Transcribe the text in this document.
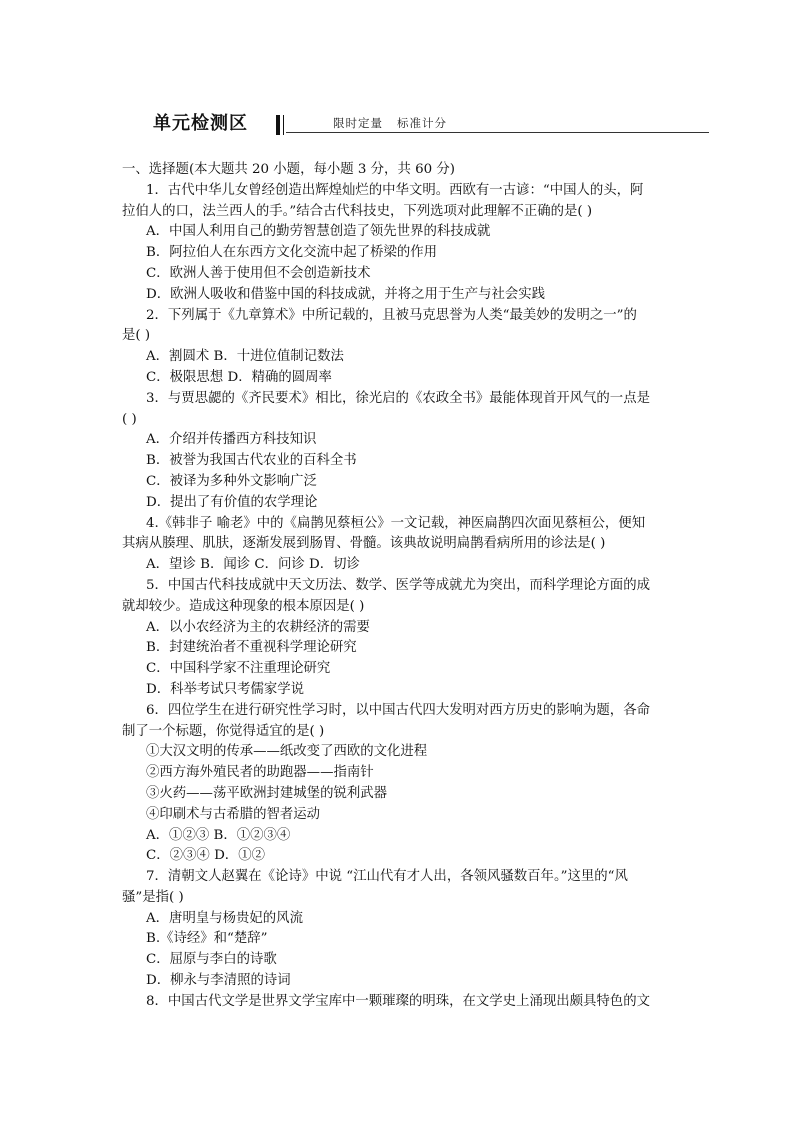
单元检测区	限时定量   标准计分
一、选择题(本大题共 20 小题，每小题 3 分，共 60 分)
1．古代中华儿女曾经创造出辉煌灿烂的中华文明。西欧有一古谚：“中国人的头，阿
拉伯人的口，法兰西人的手。”结合古代科技史，下列选项对此理解不正确的是( )
A．中国人利用自己的勤劳智慧创造了领先世界的科技成就
B．阿拉伯人在东西方文化交流中起了桥梁的作用
C．欧洲人善于使用但不会创造新技术
D．欧洲人吸收和借鉴中国的科技成就，并将之用于生产与社会实践
2．下列属于《九章算术》中所记载的，且被马克思誉为人类“最美妙的发明之一”的
是( )
A．割圆术 B．十进位值制记数法
C．极限思想 D．精确的圆周率
3．与贾思勰的《齐民要术》相比，徐光启的《农政全书》最能体现首开风气的一点是
( )
A．介绍并传播西方科技知识
B．被誉为我国古代农业的百科全书
C．被译为多种外文影响广泛
D．提出了有价值的农学理论
4.《韩非子 喻老》中的《扁鹊见蔡桓公》一文记载，神医扁鹊四次面见蔡桓公，便知
其病从腠理、肌肤，逐渐发展到肠胃、骨髓。该典故说明扁鹊看病所用的诊法是( )
A．望诊 B．闻诊 C．问诊 D．切诊
5．中国古代科技成就中天文历法、数学、医学等成就尤为突出，而科学理论方面的成
就却较少。造成这种现象的根本原因是( )
A．以小农经济为主的农耕经济的需要
B．封建统治者不重视科学理论研究
C．中国科学家不注重理论研究
D．科举考试只考儒家学说
6．四位学生在进行研究性学习时，以中国古代四大发明对西方历史的影响为题，各命
制了一个标题，你觉得适宜的是( )
①大汉文明的传承——纸改变了西欧的文化进程
②西方海外殖民者的助跑器——指南针
③火药——荡平欧洲封建城堡的锐利武器
④印刷术与古希腊的智者运动
A．①②③ B．①②③④
C．②③④ D．①②
7．清朝文人赵翼在《论诗》中说 “江山代有才人出，各领风骚数百年。”这里的“风
骚”是指( )
A．唐明皇与杨贵妃的风流
B.《诗经》和“楚辞”
C．屈原与李白的诗歌
D．柳永与李清照的诗词
8．中国古代文学是世界文学宝库中一颗璀璨的明珠，在文学史上涌现出颇具特色的文
